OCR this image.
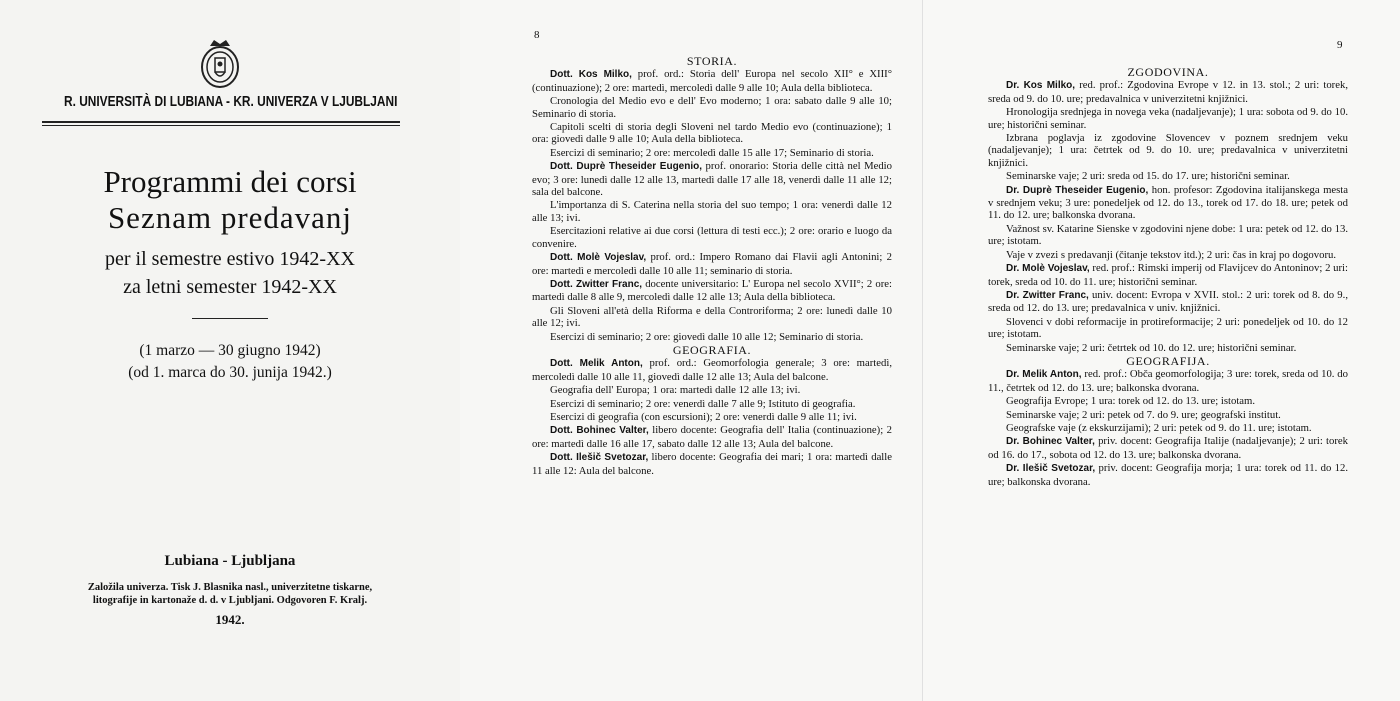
R. UNIVERSITÀ DI LUBIANA - KR. UNIVERZA V LJUBLJANI
Programmi dei corsi
Seznam predavanj
per il semestre estivo 1942-XX
za letni semester 1942-XX
(1 marzo — 30 giugno 1942)
(od 1. marca do 30. junija 1942.)
Lubiana - Ljubljana
Založila univerza. Tisk J. Blasnika nasl., univerzitetne tiskarne,
litografije in kartonaže d. d. v Ljubljani. Odgovoren F. Kralj.
1942.
8
STORIA.
Dott. Kos Milko, prof. ord.: Storia dell' Europa nel secolo XII° e XIII° (continuazione); 2 ore: martedì, mercoledì dalle 9 alle 10; Aula della biblioteca.
Cronologia del Medio evo e dell' Evo moderno; 1 ora: sabato dalle 9 alle 10; Seminario di storia.
Capitoli scelti di storia degli Sloveni nel tardo Medio evo (continuazione); 1 ora: giovedì dalle 9 alle 10; Aula della biblioteca.
Esercizi di seminario; 2 ore: mercoledì dalle 15 alle 17; Seminario di storia.
Dott. Duprè Theseider Eugenio, prof. onorario: Storia delle città nel Medio evo; 3 ore: lunedì dalle 12 alle 13, martedì dalle 17 alle 18, venerdì dalle 11 alle 12; sala del balcone.
L'importanza di S. Caterina nella storia del suo tempo; 1 ora: venerdì dalle 12 alle 13; ivi.
Esercitazioni relative ai due corsi (lettura di testi ecc.); 2 ore: orario e luogo da convenire.
Dott. Molè Vojeslav, prof. ord.: Impero Romano dai Flavii agli Antonini; 2 ore: martedì e mercoledì dalle 10 alle 11; seminario di storia.
Dott. Zwitter Franc, docente universitario: L' Europa nel secolo XVII°; 2 ore: martedì dalle 8 alle 9, mercoledì dalle 12 alle 13; Aula della biblioteca.
Gli Sloveni all'età della Riforma e della Controriforma; 2 ore: lunedì dalle 10 alle 12; ivi.
Esercizi di seminario; 2 ore: giovedì dalle 10 alle 12; Seminario di storia.
GEOGRAFIA.
Dott. Melik Anton, prof. ord.: Geomorfologia generale; 3 ore: martedì, mercoledì dalle 10 alle 11, giovedì dalle 12 alle 13; Aula del balcone.
Geografia dell' Europa; 1 ora: martedì dalle 12 alle 13; ivi.
Esercizi di seminario; 2 ore: venerdì dalle 7 alle 9; Istituto di geografia.
Esercizi di geografia (con escursioni); 2 ore: venerdì dalle 9 alle 11; ivi.
Dott. Bohinec Valter, libero docente: Geografia dell' Italia (continuazione); 2 ore: martedì dalle 16 alle 17, sabato dalle 12 alle 13; Aula del balcone.
Dott. Ilešič Svetozar, libero docente: Geografia dei mari; 1 ora: martedì dalle 11 alle 12: Aula del balcone.
9
ZGODOVINA.
Dr. Kos Milko, red. prof.: Zgodovina Evrope v 12. in 13. stol.; 2 uri: torek, sreda od 9. do 10. ure; predavalnica v univerzitetni knjižnici.
Hronologija srednjega in novega veka (nadaljevanje); 1 ura: sobota od 9. do 10. ure; historični seminar.
Izbrana poglavja iz zgodovine Slovencev v poznem srednjem veku (nadaljevanje); 1 ura: četrtek od 9. do 10. ure; predavalnica v univerzitetni knjižnici.
Seminarske vaje; 2 uri: sreda od 15. do 17. ure; historični seminar.
Dr. Duprè Theseider Eugenio, hon. profesor: Zgodovina italijanskega mesta v srednjem veku; 3 ure: ponedeljek od 12. do 13., torek od 17. do 18. ure; petek od 11. do 12. ure; balkonska dvorana.
Važnost sv. Katarine Sienske v zgodovini njene dobe: 1 ura: petek od 12. do 13. ure; istotam.
Vaje v zvezi s predavanji (čitanje tekstov itd.); 2 uri: čas in kraj po dogovoru.
Dr. Molè Vojeslav, red. prof.: Rimski imperij od Flavijcev do Antoninov; 2 uri: torek, sreda od 10. do 11. ure; historični seminar.
Dr. Zwitter Franc, univ. docent: Evropa v XVII. stol.: 2 uri: torek od 8. do 9., sreda od 12. do 13. ure; predavalnica v univ. knjižnici.
Slovenci v dobi reformacije in protireformacije; 2 uri: ponedeljek od 10. do 12 ure; istotam.
Seminarske vaje; 2 uri: četrtek od 10. do 12. ure; historični seminar.
GEOGRAFIJA.
Dr. Melik Anton, red. prof.: Obča geomorfologija; 3 ure: torek, sreda od 10. do 11., četrtek od 12. do 13. ure; balkonska dvorana.
Geografija Evrope; 1 ura: torek od 12. do 13. ure; istotam.
Seminarske vaje; 2 uri: petek od 7. do 9. ure; geografski institut.
Geografske vaje (z ekskurzijami); 2 uri: petek od 9. do 11. ure; istotam.
Dr. Bohinec Valter, priv. docent: Geografija Italije (nadaljevanje); 2 uri: torek od 16. do 17., sobota od 12. do 13. ure; balkonska dvorana.
Dr. Ilešič Svetozar, priv. docent: Geografija morja; 1 ura: torek od 11. do 12. ure; balkonska dvorana.
